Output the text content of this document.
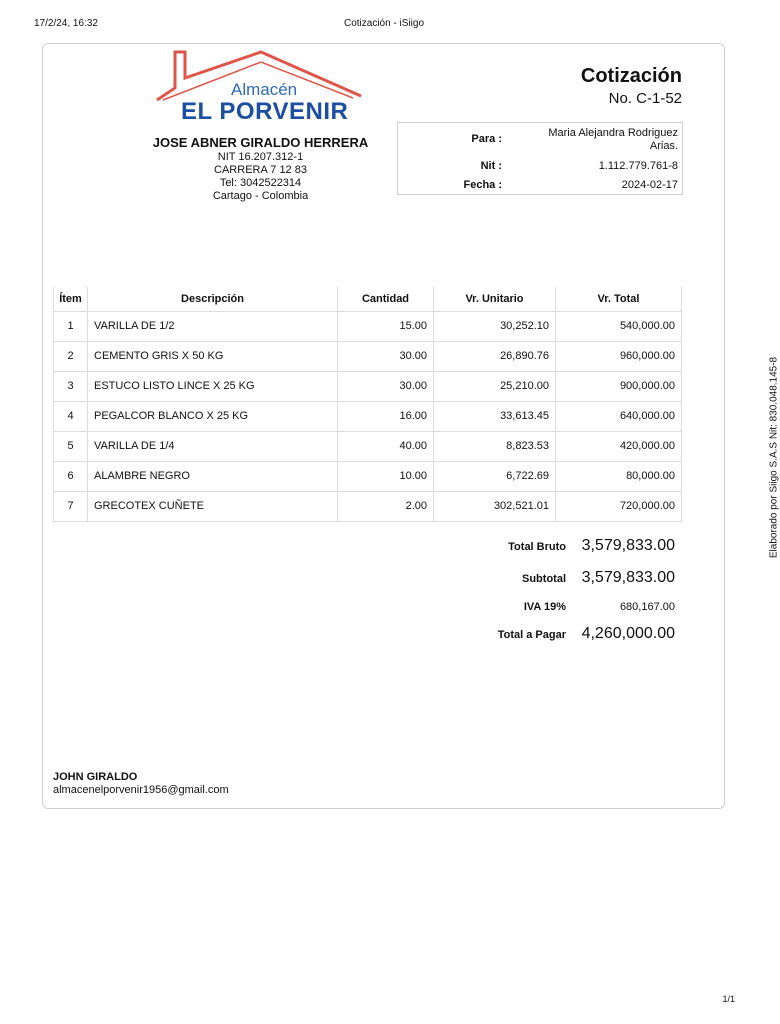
17/2/24, 16:32	Cotización - iSiigo
Almacén
EL PORVENIR
JOSE ABNER GIRALDO HERRERA
NIT 16.207.312-1
CARRERA 7 12 83
Tel: 3042522314
Cartago - Colombia
Cotización
No. C-1-52
Para :	Maria Alejandra Rodriguez
Arias.
Nit :	1.112.779.761-8
Fecha :	2024-02-17
Ítem	Descripción	Cantidad	Vr. Unitario	Vr. Total
1	VARILLA DE 1/2	15.00	30,252.10	540,000.00
2	CEMENTO GRIS X 50 KG	30.00	26,890.76	960,000.00
3	ESTUCO LISTO LINCE X 25 KG	30.00	25,210.00	900,000.00
4	PEGALCOR BLANCO X 25 KG	16.00	33,613.45	640,000.00
5	VARILLA DE 1/4	40.00	8,823.53	420,000.00
6	ALAMBRE NEGRO	10.00	6,722.69	80,000.00
7	GRECOTEX CUÑETE	2.00	302,521.01	720,000.00	Elaborado por Siigo S.A.S Nit: 830.048.145-8
Total Bruto 3,579,833.00
Subtotal 3,579,833.00
IVA 19%	680,167.00
Total a Pagar 4,260,000.00
JOHN GIRALDO
almacenelporvenir1956@gmail.com
1/1
